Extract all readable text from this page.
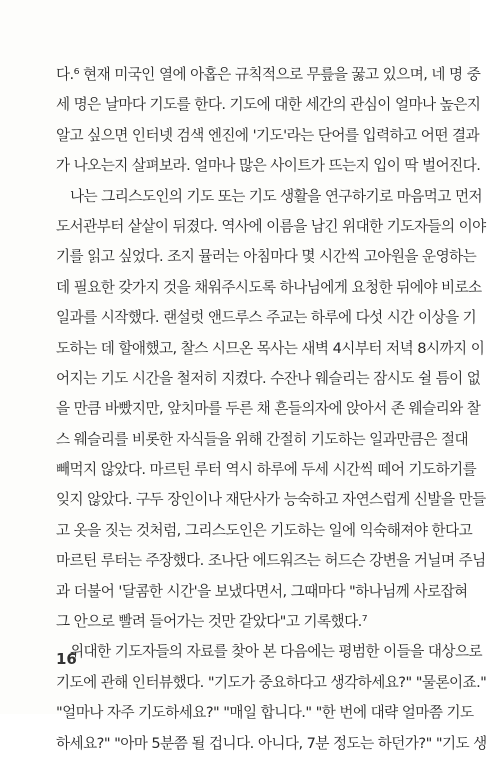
다.⁶ 현재 미국인 열에 아홉은 규칙적으로 무릎을 꿇고 있으며, 네 명 중
세 명은 날마다 기도를 한다. 기도에 대한 세간의 관심이 얼마나 높은지
알고 싶으면 인터넷 검색 엔진에 '기도'라는 단어를 입력하고 어떤 결과
가 나오는지 살펴보라. 얼마나 많은 사이트가 뜨는지 입이 딱 벌어진다.
나는 그리스도인의 기도 또는 기도 생활을 연구하기로 마음먹고 먼저
도서관부터 샅샅이 뒤졌다. 역사에 이름을 남긴 위대한 기도자들의 이야
기를 읽고 싶었다. 조지 뮬러는 아침마다 몇 시간씩 고아원을 운영하는
데 필요한 갖가지 것을 채워주시도록 하나님에게 요청한 뒤에야 비로소
일과를 시작했다. 랜설럿 앤드루스 주교는 하루에 다섯 시간 이상을 기
도하는 데 할애했고, 찰스 시므온 목사는 새벽 4시부터 저녁 8시까지 이
어지는 기도 시간을 철저히 지켰다. 수잔나 웨슬리는 잠시도 쉴 틈이 없
을 만큼 바빴지만, 앞치마를 두른 채 흔들의자에 앉아서 존 웨슬리와 찰
스 웨슬리를 비롯한 자식들을 위해 간절히 기도하는 일과만큼은 절대
빼먹지 않았다. 마르틴 루터 역시 하루에 두세 시간씩 떼어 기도하기를
잊지 않았다. 구두 장인이나 재단사가 능숙하고 자연스럽게 신발을 만들
고 옷을 짓는 것처럼, 그리스도인은 기도하는 일에 익숙해져야 한다고
마르틴 루터는 주장했다. 조나단 에드워즈는 허드슨 강변을 거닐며 주님
과 더불어 '달콤한 시간'을 보냈다면서, 그때마다 "하나님께 사로잡혀
그 안으로 빨려 들어가는 것만 같았다"고 기록했다.⁷
위대한 기도자들의 자료를 찾아 본 다음에는 평범한 이들을 대상으로
기도에 관해 인터뷰했다. "기도가 중요하다고 생각하세요?" "물론이죠."
"얼마나 자주 기도하세요?" "매일 합니다." "한 번에 대략 얼마쯤 기도
하세요?" "아마 5분쯤 될 겁니다. 아니다, 7분 정도는 하던가?" "기도 생
16
